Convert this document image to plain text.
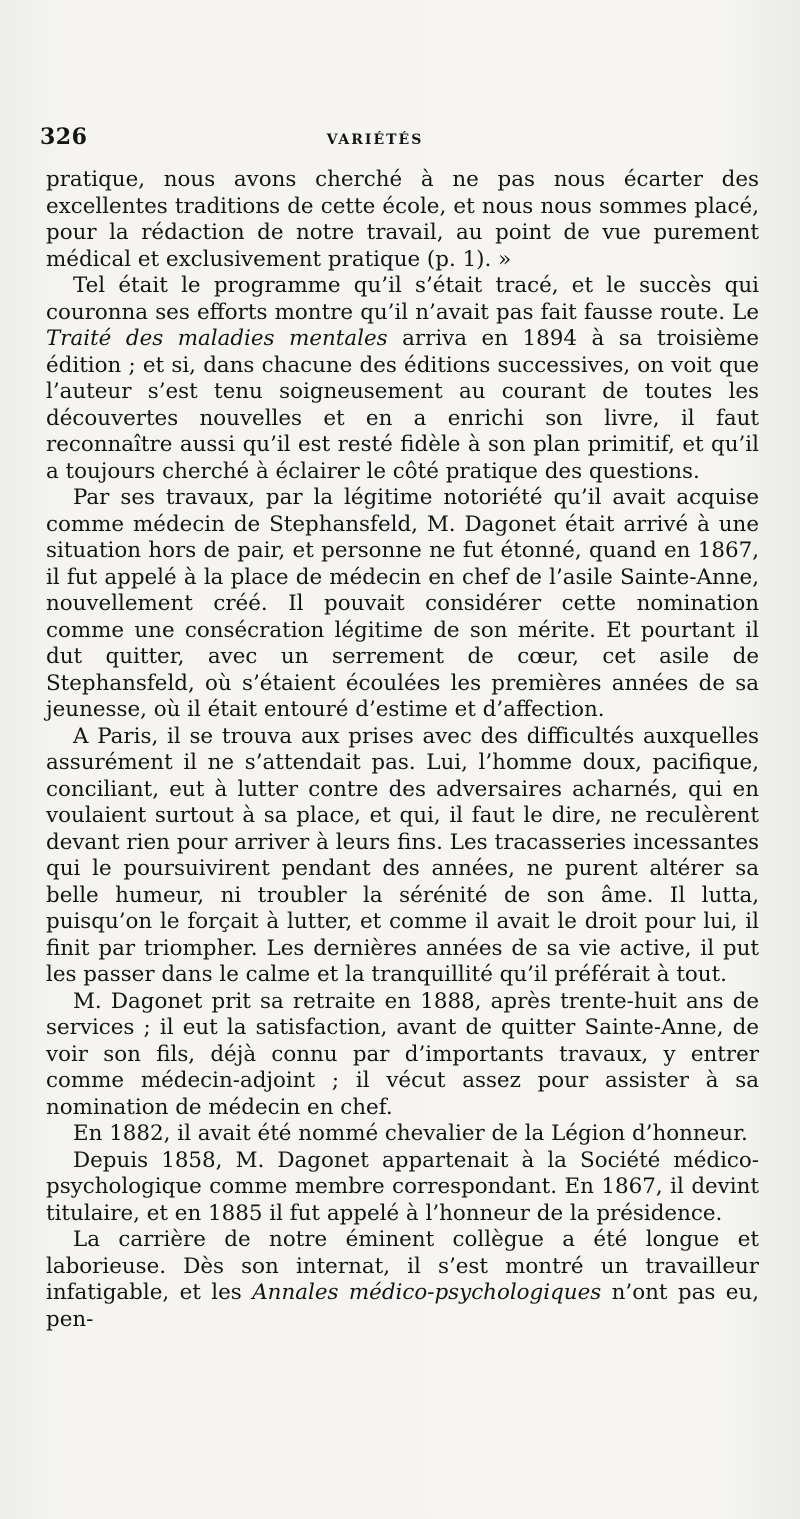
326	VARIÉTÉS

pratique, nous avons cherché à ne pas nous écarter des excellentes traditions de cette école, et nous nous sommes placé, pour la rédaction de notre travail, au point de vue purement médical et exclusivement pratique (p. 1). »

Tel était le programme qu’il s’était tracé, et le succès qui couronna ses efforts montre qu’il n’avait pas fait fausse route. Le Traité des maladies mentales arriva en 1894 à sa troisième édition ; et si, dans chacune des éditions successives, on voit que l’auteur s’est tenu soigneusement au courant de toutes les découvertes nouvelles et en a enrichi son livre, il faut reconnaître aussi qu’il est resté fidèle à son plan primitif, et qu’il a toujours cherché à éclairer le côté pratique des questions.

Par ses travaux, par la légitime notoriété qu’il avait acquise comme médecin de Stephansfeld, M. Dagonet était arrivé à une situation hors de pair, et personne ne fut étonné, quand en 1867, il fut appelé à la place de médecin en chef de l’asile Sainte-Anne, nouvellement créé. Il pouvait considérer cette nomination comme une consécration légitime de son mérite. Et pourtant il dut quitter, avec un serrement de cœur, cet asile de Stephansfeld, où s’étaient écoulées les premières années de sa jeunesse, où il était entouré d’estime et d’affection.

A Paris, il se trouva aux prises avec des difficultés auxquelles assurément il ne s’attendait pas. Lui, l’homme doux, pacifique, conciliant, eut à lutter contre des adversaires acharnés, qui en voulaient surtout à sa place, et qui, il faut le dire, ne reculèrent devant rien pour arriver à leurs fins. Les tracasseries incessantes qui le poursuivirent pendant des années, ne purent altérer sa belle humeur, ni troubler la sérénité de son âme. Il lutta, puisqu’on le forçait à lutter, et comme il avait le droit pour lui, il finit par triompher. Les dernières années de sa vie active, il put les passer dans le calme et la tranquillité qu’il préférait à tout.

M. Dagonet prit sa retraite en 1888, après trente-huit ans de services ; il eut la satisfaction, avant de quitter Sainte-Anne, de voir son fils, déjà connu par d’importants travaux, y entrer comme médecin-adjoint ; il vécut assez pour assister à sa nomination de médecin en chef.

En 1882, il avait été nommé chevalier de la Légion d’honneur.

Depuis 1858, M. Dagonet appartenait à la Société médico-psychologique comme membre correspondant. En 1867, il devint titulaire, et en 1885 il fut appelé à l’honneur de la présidence.

La carrière de notre éminent collègue a été longue et laborieuse. Dès son internat, il s’est montré un travailleur infatigable, et les Annales médico-psychologiques n’ont pas eu, pen-
